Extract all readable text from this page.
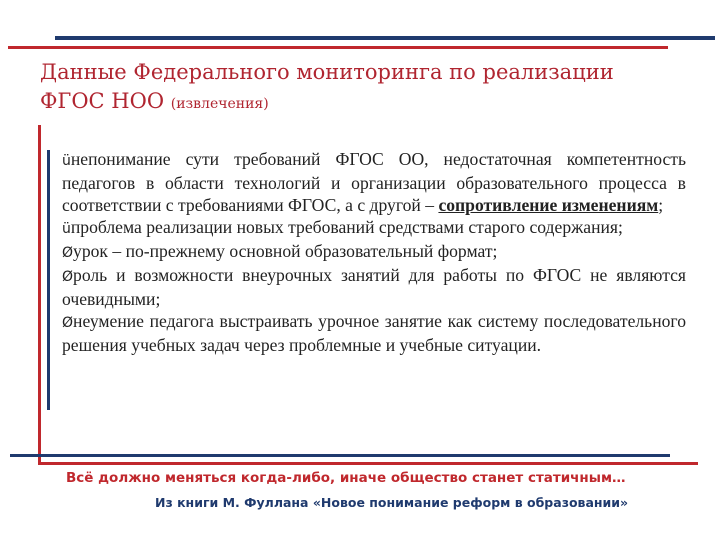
Данные Федерального мониторинга по реализации ФГОС НОО (извлечения)

üнепонимание сути требований ФГОС ОО, недостаточная компетентность педагогов в области технологий и организации образовательного процесса в соответствии с требованиями ФГОС, а с другой – сопротивление изменениям;

üпроблема реализации новых требований средствами старого содержания;

Øурок – по-прежнему основной образовательный формат;

Øроль и возможности внеурочных занятий для работы по ФГОС не являются очевидными;

Øнеумение педагога выстраивать урочное занятие как систему последовательного решения учебных задач через проблемные и учебные ситуации.

Всё должно меняться когда-либо, иначе общество станет статичным…
Из книги М. Фуллана «Новое понимание реформ в образовании»
